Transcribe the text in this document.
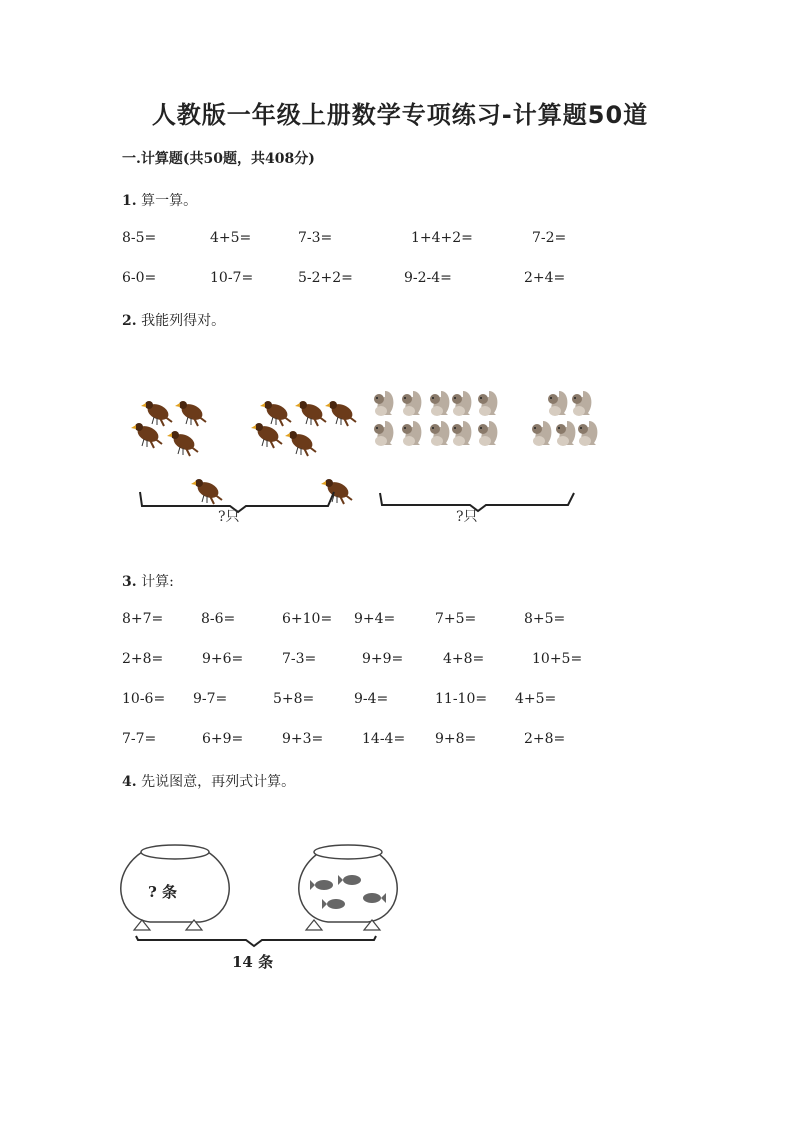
人教版一年级上册数学专项练习-计算题50道
一.计算题(共50题，共408分)
1. 算一算。
8-5=	4+5=	7-3=	1+4+2=	7-2=
6-0=	10-7=	5-2+2=	9-2-4=	2+4=
2. 我能列得对。
?只	?只
3. 计算:
8+7=	8-6=	6+10= 9+4=	7+5=	8+5=
2+8=	9+6=	7-3=	9+9=	4+8=	10+5=
10-6= 9-7=	5+8=	9-4=	11-10= 4+5=
7-7=	6+9=	9+3=	14-4= 9+8=	2+8=
4. 先说图意，再列式计算。
? 条
14 条
